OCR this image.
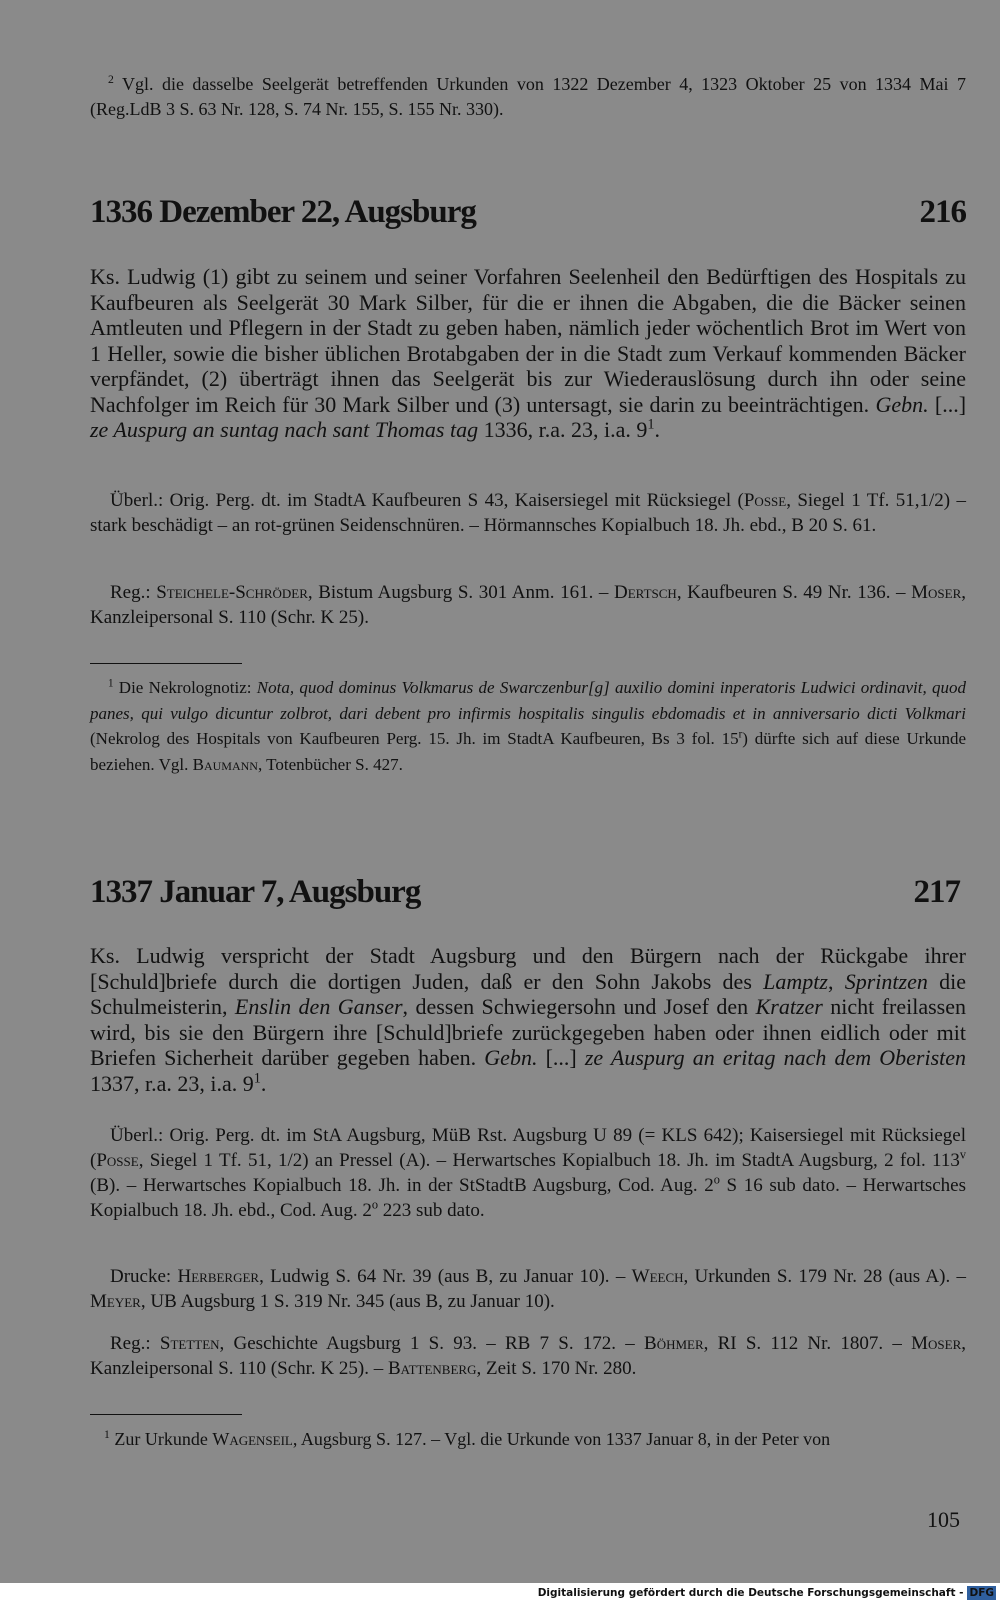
$^2$ Vgl. die dasselbe Seelgerät betreffenden Urkunden von 1322 Dezember 4, 1323 Oktober 25 von 1334 Mai 7 (Reg.LdB 3 S. 63 Nr. 128, S. 74 Nr. 155, S. 155 Nr. 330).

1336 Dezember 22, Augsburg	216

Ks. Ludwig (1) gibt zu seinem und seiner Vorfahren Seelenheil den Bedürftigen des Hospitals zu Kaufbeuren als Seelgerät 30 Mark Silber, für die er ihnen die Abgaben, die die Bäcker seinen Amtleuten und Pflegern in der Stadt zu geben haben, nämlich jeder wöchentlich Brot im Wert von 1 Heller, sowie die bisher üblichen Brotabgaben der in die Stadt zum Verkauf kommenden Bäcker verpfändet, (2) überträgt ihnen das Seelgerät bis zur Wiederauslösung durch ihn oder seine Nachfolger im Reich für 30 Mark Silber und (3) untersagt, sie darin zu beeinträchtigen. Gebn. [...] ze Auspurg an suntag nach sant Thomas tag 1336, r.a. 23, i.a. $9^1$.

Überl.: Orig. Perg. dt. im StadtA Kaufbeuren S 43, Kaisersiegel mit Rücksiegel (Posse, Siegel 1 Tf. 51,1/2) – stark beschädigt – an rot-grünen Seidenschnüren. – Hörmannsches Kopialbuch 18. Jh. ebd., B 20 S. 61.

Reg.: Steichele-Schröder, Bistum Augsburg S. 301 Anm. 161. – Dertsch, Kaufbeuren S. 49 Nr. 136. – Moser, Kanzleipersonal S. 110 (Schr. K 25).

$^1$ Die Nekrolognotiz: Nota, quod dominus Volkmarus de Swarczenbur[g] auxilio domini inperatoris Ludwici ordinavit, quod panes, qui vulgo dicuntur zolbrot, dari debent pro infirmis hospitalis singulis ebdomadis et in anniversario dicti Volkmari (Nekrolog des Hospitals von Kaufbeuren Perg. 15. Jh. im StadtA Kaufbeuren, Bs 3 fol. 15$^r$) dürfte sich auf diese Urkunde beziehen. Vgl. Baumann, Totenbücher S. 427.

1337 Januar 7, Augsburg	217

Ks. Ludwig verspricht der Stadt Augsburg und den Bürgern nach der Rückgabe ihrer [Schuld]briefe durch die dortigen Juden, daß er den Sohn Jakobs des Lamptz, Sprintzen die Schulmeisterin, Enslin den Ganser, dessen Schwiegersohn und Josef den Kratzer nicht freilassen wird, bis sie den Bürgern ihre [Schuld]briefe zurückgegeben haben oder ihnen eidlich oder mit Briefen Sicherheit darüber gegeben haben. Gebn. [...] ze Auspurg an eritag nach dem Oberisten 1337, r.a. 23, i.a. $9^1$.

Überl.: Orig. Perg. dt. im StA Augsburg, MüB Rst. Augsburg U 89 (= KLS 642); Kaisersiegel mit Rücksiegel (Posse, Siegel 1 Tf. 51, 1/2) an Pressel (A). – Herwartsches Kopialbuch 18. Jh. im StadtA Augsburg, 2 fol. 113$^v$ (B). – Herwartsches Kopialbuch 18. Jh. in der StStadtB Augsburg, Cod. Aug. 2$^o$ S 16 sub dato. – Herwartsches Kopialbuch 18. Jh. ebd., Cod. Aug. 2$^o$ 223 sub dato.

Drucke: Herberger, Ludwig S. 64 Nr. 39 (aus B, zu Januar 10). – Weech, Urkunden S. 179 Nr. 28 (aus A). – Meyer, UB Augsburg 1 S. 319 Nr. 345 (aus B, zu Januar 10).

Reg.: Stetten, Geschichte Augsburg 1 S. 93. – RB 7 S. 172. – Böhmer, RI S. 112 Nr. 1807. – Moser, Kanzleipersonal S. 110 (Schr. K 25). – Battenberg, Zeit S. 170 Nr. 280.

$^1$ Zur Urkunde Wagenseil, Augsburg S. 127. – Vgl. die Urkunde von 1337 Januar 8, in der Peter von

105
Digitalisierung gefördert durch die Deutsche Forschungsgemeinschaft - DFG
